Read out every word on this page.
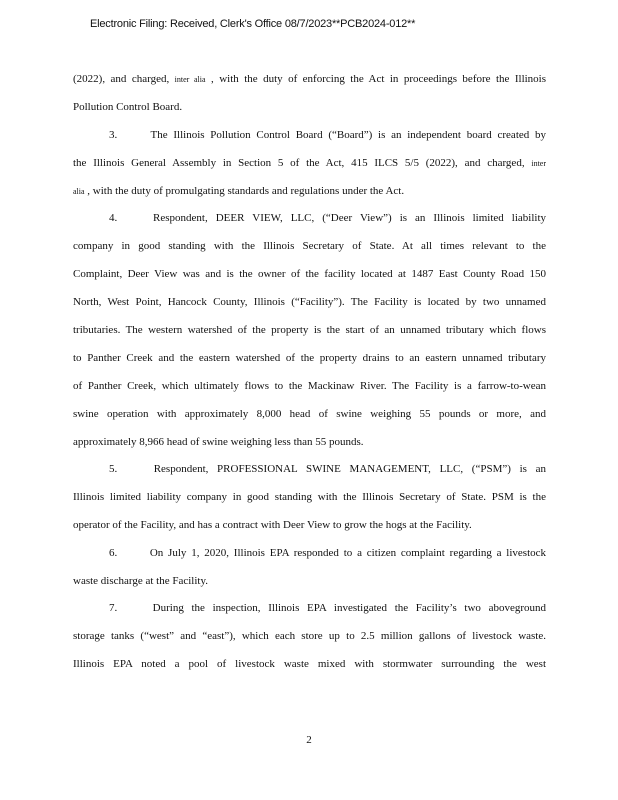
Electronic Filing: Received, Clerk's Office 08/7/2023**PCB2024-012**
(2022), and charged, inter alia , with the duty of enforcing the Act in proceedings before the Illinois
Pollution Control Board.
3.	The Illinois Pollution Control Board (“Board”) is an independent board created by
the Illinois General Assembly in Section 5 of the Act, 415 ILCS 5/5 (2022), and charged, inter
alia , with the duty of promulgating standards and regulations under the Act.
4.	Respondent, DEER VIEW, LLC, (“Deer View”) is an Illinois limited liability
company in good standing with the Illinois Secretary of State. At all times relevant to the
Complaint, Deer View was and is the owner of the facility located at 1487 East County Road 150
North, West Point, Hancock County, Illinois (“Facility”). The Facility is located by two unnamed
tributaries. The western watershed of the property is the start of an unnamed tributary which flows
to Panther Creek and the eastern watershed of the property drains to an eastern unnamed tributary
of Panther Creek, which ultimately flows to the Mackinaw River. The Facility is a farrow-to-wean
swine operation with approximately 8,000 head of swine weighing 55 pounds or more, and
approximately 8,966 head of swine weighing less than 55 pounds.
5.	Respondent, PROFESSIONAL SWINE MANAGEMENT, LLC, (“PSM”) is an
Illinois limited liability company in good standing with the Illinois Secretary of State. PSM is the
operator of the Facility, and has a contract with Deer View to grow the hogs at the Facility.
6.	On July 1, 2020, Illinois EPA responded to a citizen complaint regarding a livestock
waste discharge at the Facility.
7.	During the inspection, Illinois EPA investigated the Facility’s two aboveground
storage tanks (“west” and “east”), which each store up to 2.5 million gallons of livestock waste.
Illinois EPA noted a pool of livestock waste mixed with stormwater surrounding the west
2
